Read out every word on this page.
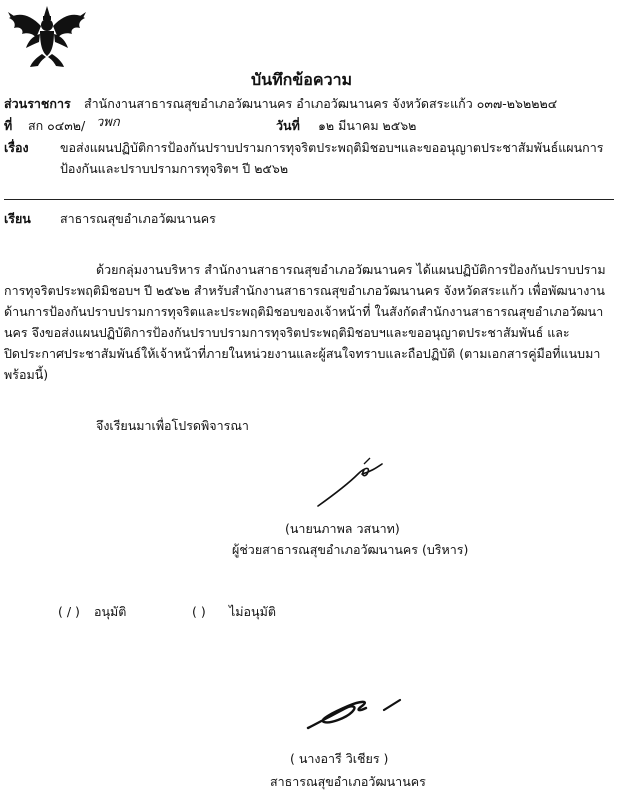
บันทึกข้อความ
ส่วนราชการ สำนักงานสาธารณสุขอำเภอวัฒนานคร อำเภอวัฒนานคร จังหวัดสระแก้ว ๐๓๗-๒๖๒๒๒๔
ที่ สก ๐๔๓๒/ วพก	วันที่ ๑๒ มีนาคม ๒๕๖๒
เรื่อง	ขอส่งแผนปฏิบัติการป้องกันปราบปรามการทุจริตประพฤติมิชอบฯและขออนุญาตประชาสัมพันธ์แผนการ
ป้องกันและปราบปรามการทุจริตฯ ปี ๒๕๖๒
เรียน สาธารณสุขอำเภอวัฒนานคร
ด้วยกลุ่มงานบริหาร สำนักงานสาธารณสุขอำเภอวัฒนานคร ได้แผนปฏิบัติการป้องกันปราบปราม
การทุจริตประพฤติมิชอบฯ ปี ๒๕๖๒ สำหรับสำนักงานสาธารณสุขอำเภอวัฒนานคร จังหวัดสระแก้ว เพื่อพัฒนางาน
ด้านการป้องกันปราบปรามการทุจริตและประพฤติมิชอบของเจ้าหน้าที่ ในสังกัดสำนักงานสาธารณสุขอำเภอวัฒนา
นคร จึงขอส่งแผนปฏิบัติการป้องกันปราบปรามการทุจริตประพฤติมิชอบฯและขออนุญาตประชาสัมพันธ์ และ
ปิดประกาศประชาสัมพันธ์ให้เจ้าหน้าที่ภายในหน่วยงานและผู้สนใจทราบและถือปฏิบัติ (ตามเอกสารคู่มือที่แนบมา
พร้อมนี้)
จึงเรียนมาเพื่อโปรดพิจารณา
(นายนภาพล วสนาท)
ผู้ช่วยสาธารณสุขอำเภอวัฒนานคร (บริหาร)
( / ) อนุมัติ	( ) ไม่อนุมัติ
( นางอารี วิเชียร )
สาธารณสุขอำเภอวัฒนานคร
